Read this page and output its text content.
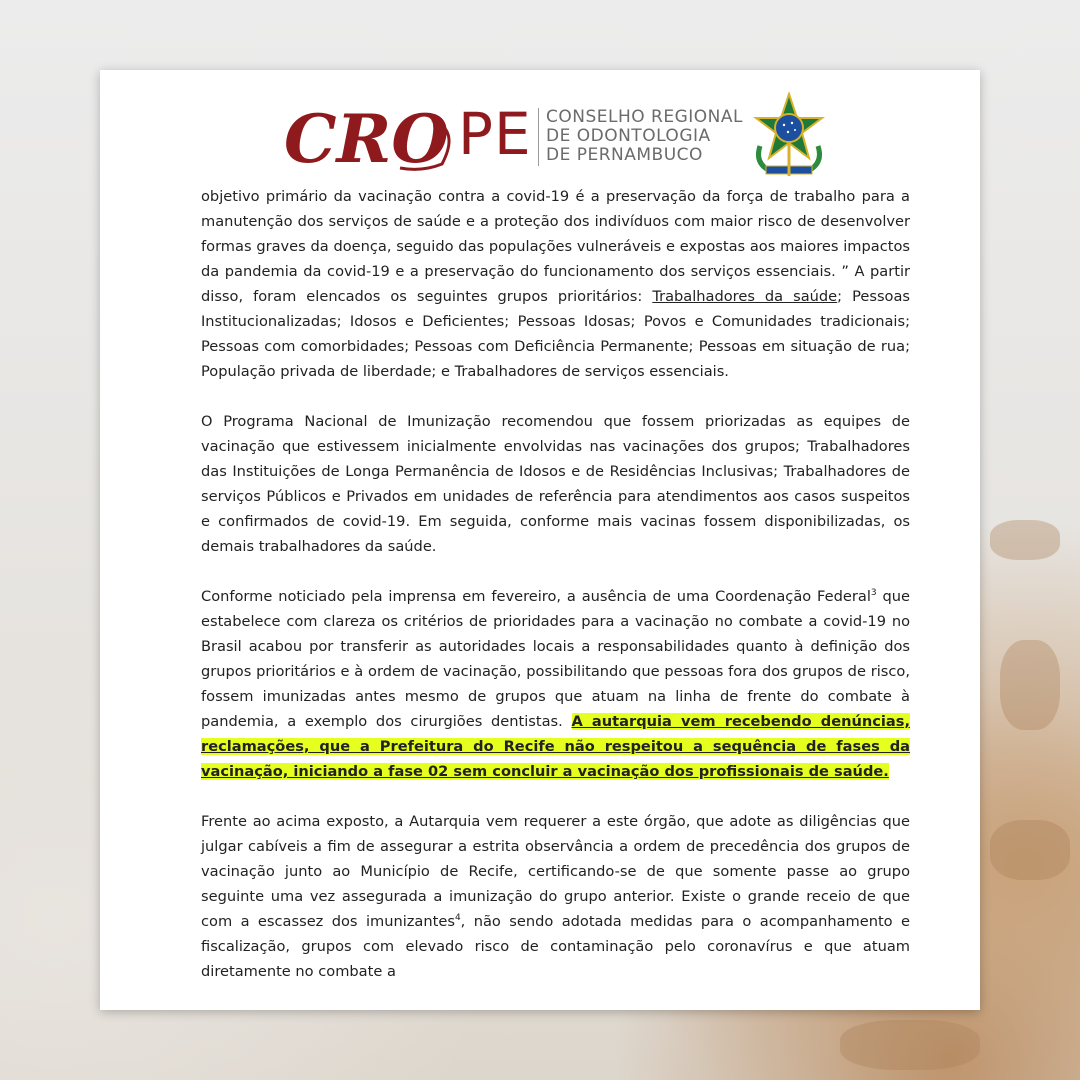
CRO PE CONSELHO REGIONAL
DE ODONTOLOGIA
DE PERNAMBUCO

objetivo primário da vacinação contra a covid-19 é a preservação da força de trabalho para a manutenção dos serviços de saúde e a proteção dos indivíduos com maior risco de desenvolver formas graves da doença, seguido das populações vulneráveis e expostas aos maiores impactos da pandemia da covid-19 e a preservação do funcionamento dos serviços essenciais. ” A partir disso, foram elencados os seguintes grupos prioritários: Trabalhadores da saúde; Pessoas Institucionalizadas; Idosos e Deficientes; Pessoas Idosas; Povos e Comunidades tradicionais; Pessoas com comorbidades; Pessoas com Deficiência Permanente; Pessoas em situação de rua; População privada de liberdade; e Trabalhadores de serviços essenciais.

O Programa Nacional de Imunização recomendou que fossem priorizadas as equipes de vacinação que estivessem inicialmente envolvidas nas vacinações dos grupos; Trabalhadores das Instituições de Longa Permanência de Idosos e de Residências Inclusivas; Trabalhadores de serviços Públicos e Privados em unidades de referência para atendimentos aos casos suspeitos e confirmados de covid-19. Em seguida, conforme mais vacinas fossem disponibilizadas, os demais trabalhadores da saúde.

Conforme noticiado pela imprensa em fevereiro, a ausência de uma Coordenação Federal$^3$ que estabelece com clareza os critérios de prioridades para a vacinação no combate a covid-19 no Brasil acabou por transferir as autoridades locais a responsabilidades quanto à definição dos grupos prioritários e à ordem de vacinação, possibilitando que pessoas fora dos grupos de risco, fossem imunizadas antes mesmo de grupos que atuam na linha de frente do combate à pandemia, a exemplo dos cirurgiões dentistas. A autarquia vem recebendo denúncias, reclamações, que a Prefeitura do Recife não respeitou a sequência de fases da vacinação, iniciando a fase 02 sem concluir a vacinação dos profissionais de saúde.

Frente ao acima exposto, a Autarquia vem requerer a este órgão, que adote as diligências que julgar cabíveis a fim de assegurar a estrita observância a ordem de precedência dos grupos de vacinação junto ao Município de Recife, certificando-se de que somente passe ao grupo seguinte uma vez assegurada a imunização do grupo anterior. Existe o grande receio de que com a escassez dos imunizantes$^4$, não sendo adotada medidas para o acompanhamento e fiscalização, grupos com elevado risco de contaminação pelo coronavírus e que atuam diretamente no combate a
